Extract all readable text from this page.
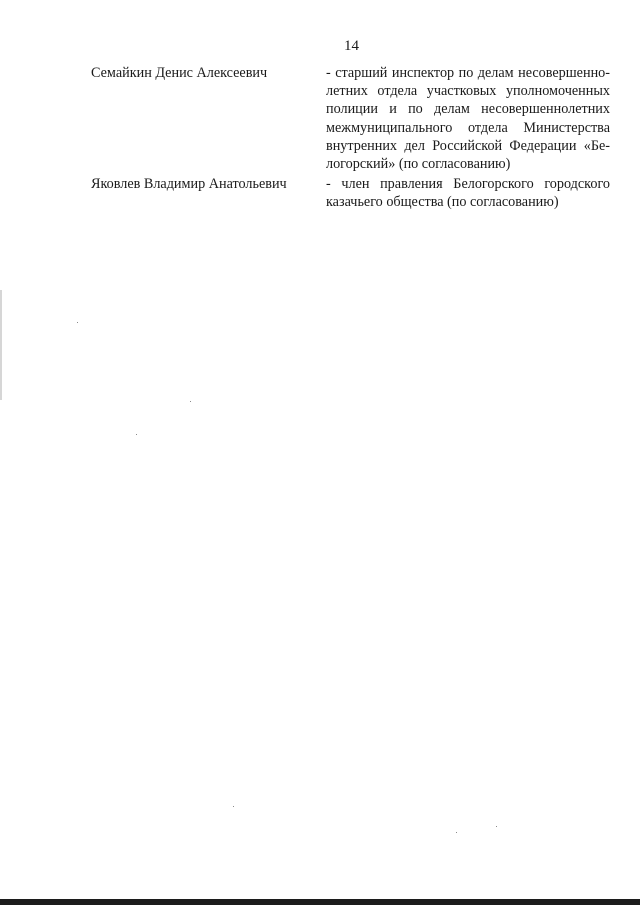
14
Семайкин Денис Алексеевич	- старший инспектор по делам несовершенно-летних отдела участковых уполномоченных полиции и по делам несовершеннолетних межмуниципального отдела Министерства внутренних дел Российской Федерации «Бе-логорский» (по согласованию)
Яковлев Владимир Анатольевич	- член правления Белогорского городского казачьего общества (по согласованию)
